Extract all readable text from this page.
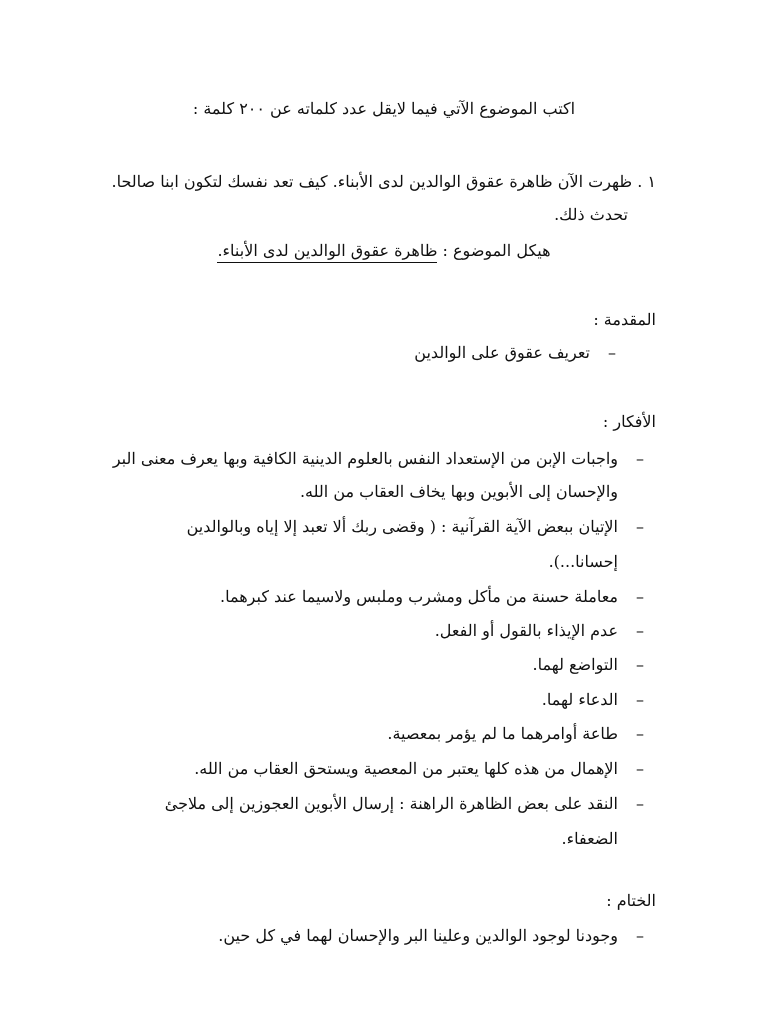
اكتب الموضوع الآتي فيما لايقل عدد كلماته عن ٢٠٠ كلمة :
١ . ظهرت الآن ظاهرة عقوق الوالدين لدى الأبناء. كيف تعد نفسك لتكون ابنا صالحا.
تحدث ذلك.
هيكل الموضوع : ظاهرة عقوق الوالدين لدى الأبناء.
المقدمة :
–
تعريف عقوق على الوالدين
الأفكار :
–
واجبات الإبن من الإستعداد النفس بالعلوم الدينية الكافية وبها يعرف معنى البر
والإحسان إلى الأبوين وبها يخاف العقاب من الله.
–
الإتيان ببعض الآية القرآنية : ( وقضى ربك ألا تعبد إلا إياه وبالوالدين
إحسانا...).
–
معاملة حسنة من مأكل ومشرب وملبس ولاسيما عند كبرهما.
–
عدم الإيذاء بالقول أو الفعل.
–
التواضع لهما.
–
الدعاء لهما.
–
طاعة أوامرهما ما لم يؤمر بمعصية.
–
الإهمال من هذه كلها يعتبر من المعصية ويستحق العقاب من الله.
–
النقد على بعض الظاهرة الراهنة : إرسال الأبوين العجوزين إلى ملاجئ
الضعفاء.
الختام :
–
وجودنا لوجود الوالدين وعلينا البر والإحسان لهما في كل حين.
